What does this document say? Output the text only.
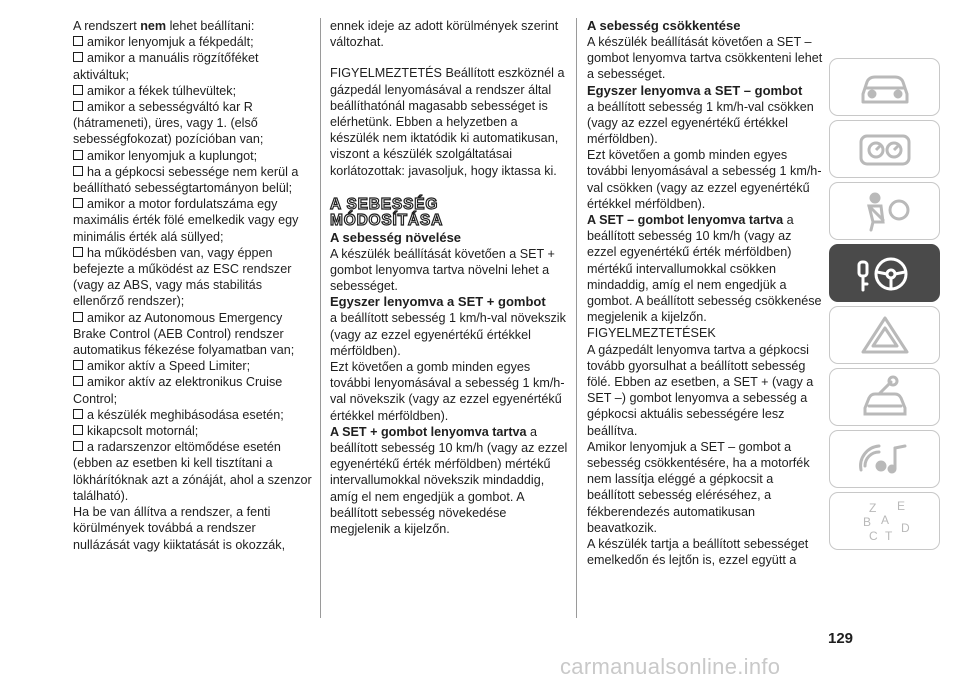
A rendszert nem lehet beállítani:

amikor lenyomjuk a fékpedált;

amikor a manuális rögzítőféket aktiváltuk;

amikor a fékek túlhevültek;

amikor a sebességváltó kar R (hátrameneti), üres, vagy 1. (első sebességfokozat) pozícióban van;

amikor lenyomjuk a kuplungot;

ha a gépkocsi sebessége nem kerül a beállítható sebességtartományon belül;

amikor a motor fordulatszáma egy maximális érték fölé emelkedik vagy egy minimális érték alá süllyed;

ha működésben van, vagy éppen befejezte a működést az ESC rendszer (vagy az ABS, vagy más stabilitás ellenőrző rendszer);

amikor az Autonomous Emergency Brake Control (AEB Control) rendszer automatikus fékezése folyamatban van;

amikor aktív a Speed Limiter;

amikor aktív az elektronikus Cruise Control;

a készülék meghibásodása esetén;

kikapcsolt motornál;

a radarszenzor eltömődése esetén (ebben az esetben ki kell tisztítani a lökhárítóknak azt a zónáját, ahol a szenzor található).

Ha be van állítva a rendszer, a fenti körülmények továbbá a rendszer nullázását vagy kiiktatását is okozzák,

ennek ideje az adott körülmények szerint változhat.

FIGYELMEZTETÉS Beállított eszköznél a gázpedál lenyomásával a rendszer által beállíthatónál magasabb sebességet is elérhetünk. Ebben a helyzetben a készülék nem iktatódik ki automatikusan, viszont a készülék szolgáltatásai korlátozottak: javasoljuk, hogy iktassa ki.

A SEBESSÉG
MÓDOSÍTÁSA

A sebesség növelése

A készülék beállítását követően a SET + gombot lenyomva tartva növelni lehet a sebességet.

Egyszer lenyomva a SET + gombot

a beállított sebesség 1 km/h-val növekszik (vagy az ezzel egyenértékű értékkel mérföldben).

Ezt követően a gomb minden egyes további lenyomásával a sebesség 1 km/h-val növekszik (vagy az ezzel egyenértékű értékkel mérföldben).

A SET + gombot lenyomva tartva a

beállított sebesség 10 km/h (vagy az ezzel egyenértékű érték mérföldben) mértékű intervallumokkal növekszik mindaddig, amíg el nem engedjük a gombot. A beállított sebesség növekedése megjelenik a kijelzőn.

A sebesség csökkentése

A készülék beállítását követően a SET – gombot lenyomva tartva csökkenteni lehet a sebességet.

Egyszer lenyomva a SET – gombot

a beállított sebesség 1 km/h-val csökken (vagy az ezzel egyenértékű értékkel mérföldben).

Ezt követően a gomb minden egyes további lenyomásával a sebesség 1 km/h-val csökken (vagy az ezzel egyenértékű értékkel mérföldben).

A SET – gombot lenyomva tartva a

beállított sebesség 10 km/h (vagy az ezzel egyenértékű érték mérföldben) mértékű intervallumokkal csökken mindaddig, amíg el nem engedjük a gombot. A beállított sebesség csökkenése megjelenik a kijelzőn.

FIGYELMEZTETÉSEK

A gázpedált lenyomva tartva a gépkocsi tovább gyorsulhat a beállított sebesség fölé. Ebben az esetben, a SET + (vagy a SET –) gombot lenyomva a sebesség a gépkocsi aktuális sebességére lesz beállítva.

Amikor lenyomjuk a SET – gombot a sebesség csökkentésére, ha a motorfék nem lassítja eléggé a gépkocsit a beállított sebesség eléréséhez, a fékberendezés automatikusan beavatkozik.

A készülék tartja a beállított sebességet emelkedőn és lejtőn is, ezzel együtt a

Z E
B A
C T
D
129
carmanualsonline.info
